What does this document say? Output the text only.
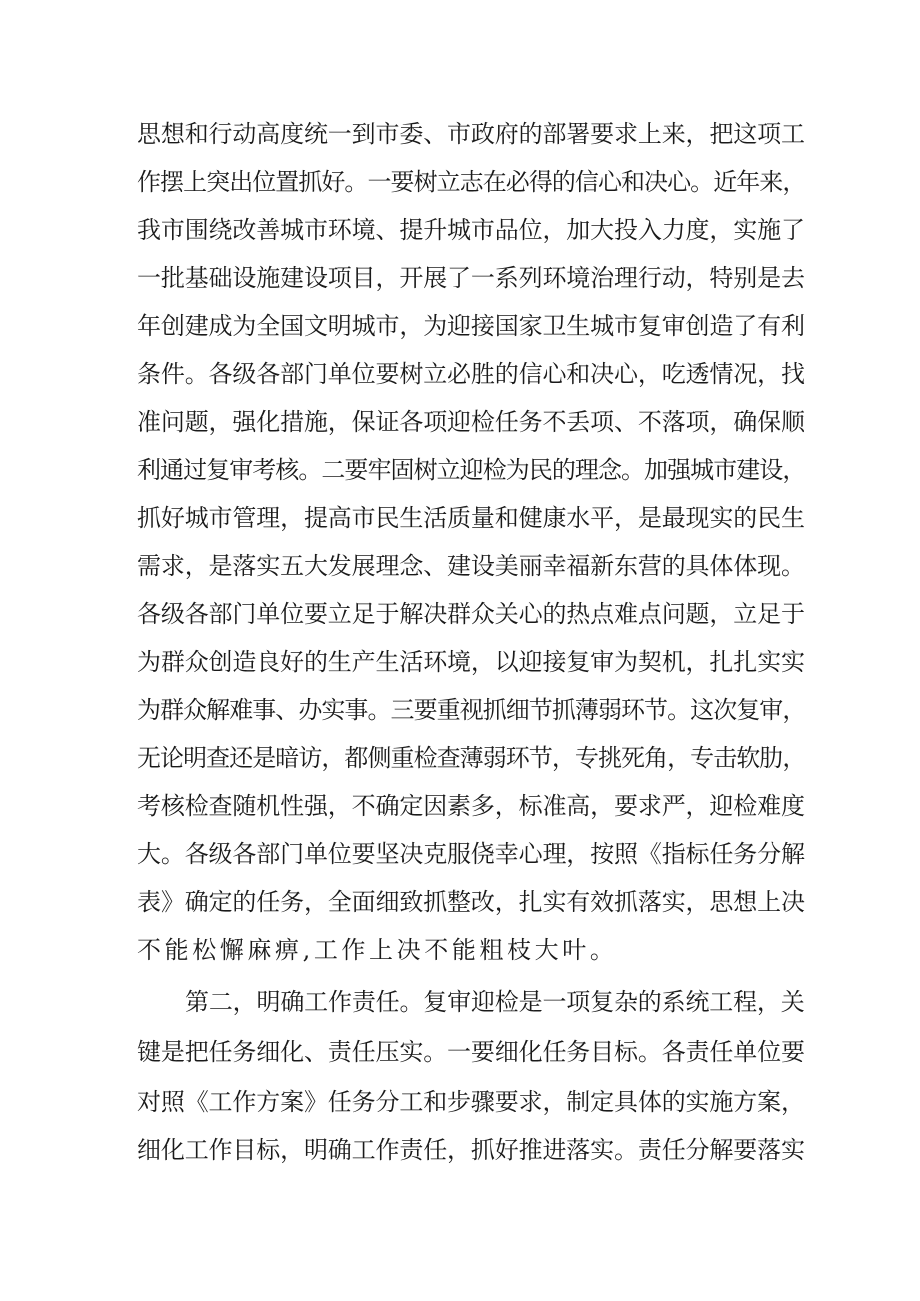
思想和行动高度统一到市委、市政府的部署要求上来，把这项工
作摆上突出位置抓好。一要树立志在必得的信心和决心。近年来，
我市围绕改善城市环境、提升城市品位，加大投入力度，实施了
一批基础设施建设项目，开展了一系列环境治理行动，特别是去
年创建成为全国文明城市，为迎接国家卫生城市复审创造了有利
条件。各级各部门单位要树立必胜的信心和决心，吃透情况，找
准问题，强化措施，保证各项迎检任务不丢项、不落项，确保顺
利通过复审考核。二要牢固树立迎检为民的理念。加强城市建设，
抓好城市管理，提高市民生活质量和健康水平，是最现实的民生
需求，是落实五大发展理念、建设美丽幸福新东营的具体体现。
各级各部门单位要立足于解决群众关心的热点难点问题，立足于
为群众创造良好的生产生活环境，以迎接复审为契机，扎扎实实
为群众解难事、办实事。三要重视抓细节抓薄弱环节。这次复审，
无论明查还是暗访，都侧重检查薄弱环节，专挑死角，专击软肋，
考核检查随机性强，不确定因素多，标准高，要求严，迎检难度
大。各级各部门单位要坚决克服侥幸心理，按照《指标任务分解
表》确定的任务，全面细致抓整改，扎实有效抓落实，思想上决
不能松懈麻痹,工作上决不能粗枝大叶。
第二，明确工作责任。复审迎检是一项复杂的系统工程，关
键是把任务细化、责任压实。一要细化任务目标。各责任单位要
对照《工作方案》任务分工和步骤要求，制定具体的实施方案，
细化工作目标，明确工作责任，抓好推进落实。责任分解要落实
